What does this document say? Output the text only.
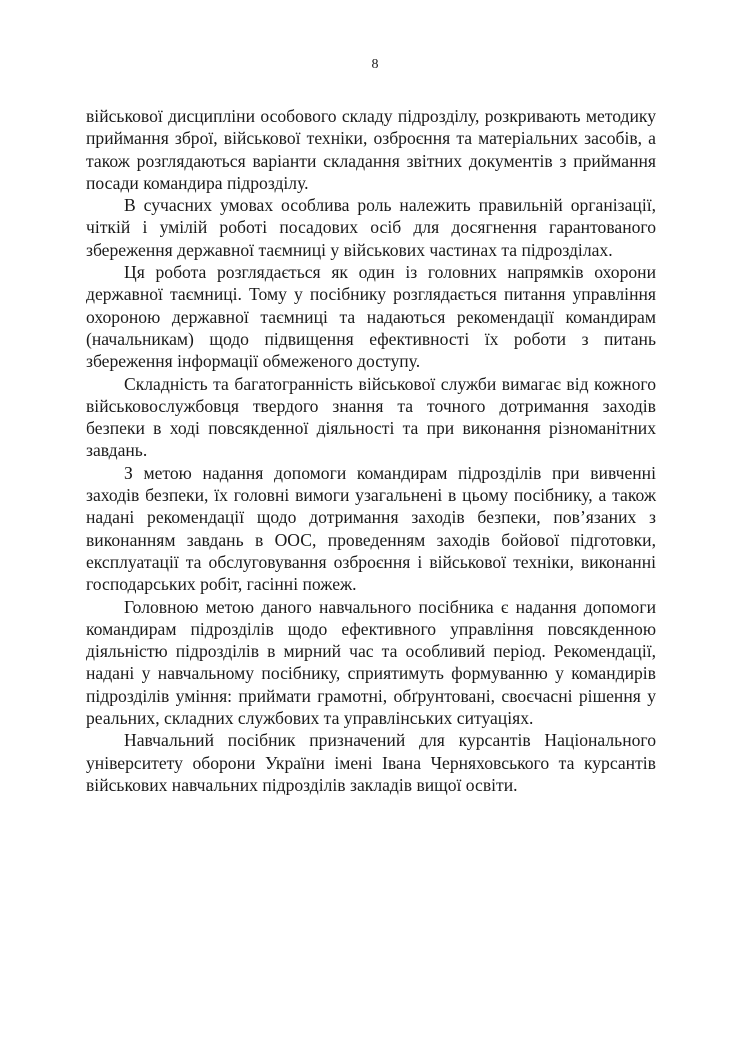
8

військової дисципліни особового складу підрозділу, розкривають методику приймання зброї, військової техніки, озброєння та матеріальних засобів, а також розглядаються варіанти складання звітних документів з приймання посади командира підрозділу.

В сучасних умовах особлива роль належить правильній організації, чіткій і умілій роботі посадових осіб для досягнення гарантованого збереження державної таємниці у військових частинах та підрозділах.

Ця робота розглядається як один із головних напрямків охорони державної таємниці. Тому у посібнику розглядається питання управління охороною державної таємниці та надаються рекомендації командирам (начальникам) щодо підвищення ефективності їх роботи з питань збереження інформації обмеженого доступу.

Складність та багатогранність військової служби вимагає від кожного військовослужбовця твердого знання та точного дотримання заходів безпеки в ході повсякденної діяльності та при виконання різноманітних завдань.

З метою надання допомоги командирам підрозділів при вивченні заходів безпеки, їх головні вимоги узагальнені в цьому посібнику, а також надані рекомендації щодо дотримання заходів безпеки, пов’язаних з виконанням завдань в ООС, проведенням заходів бойової підготовки, експлуатації та обслуговування озброєння і військової техніки, виконанні господарських робіт, гасінні пожеж.

Головною метою даного навчального посібника є надання допомоги командирам підрозділів щодо ефективного управління повсякденною діяльністю підрозділів в мирний час та особливий період. Рекомендації, надані у навчальному посібнику, сприятимуть формуванню у командирів підрозділів уміння: приймати грамотні, обґрунтовані, своєчасні рішення у реальних, складних службових та управлінських ситуаціях.

Навчальний посібник призначений для курсантів Національного університету оборони України імені Івана Черняховського та курсантів військових навчальних підрозділів закладів вищої освіти.
